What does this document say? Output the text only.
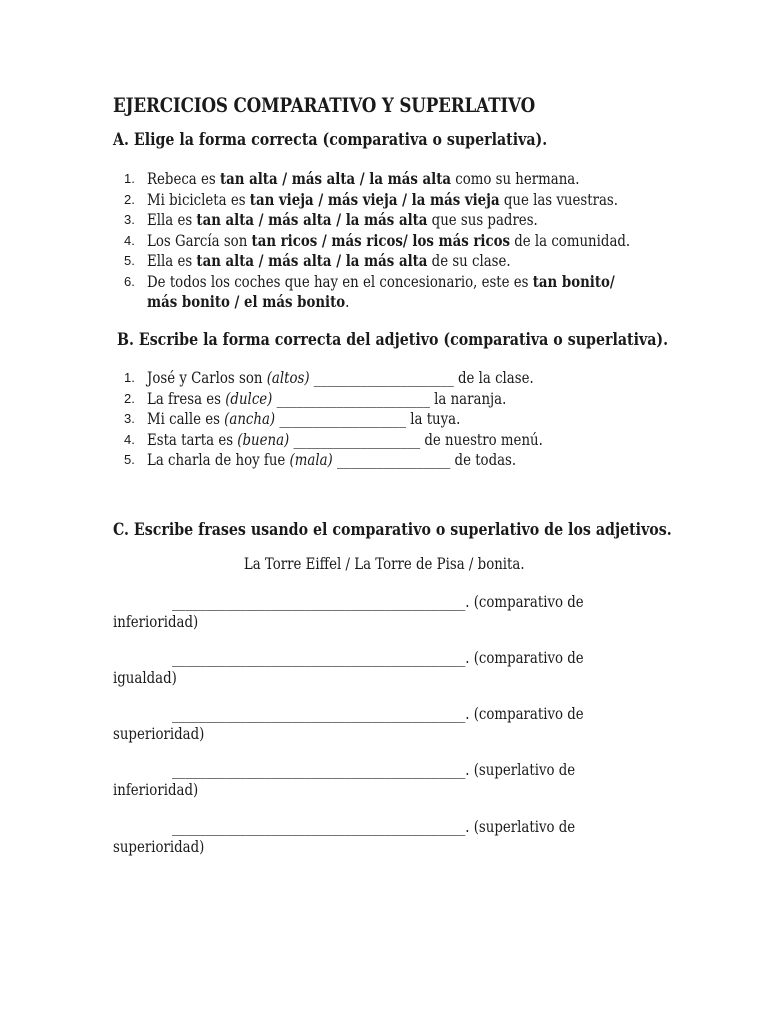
EJERCICIOS COMPARATIVO Y SUPERLATIVO
A. Elige la forma correcta (comparativa o superlativa).
1. Rebeca es tan alta / más alta / la más alta como su hermana.
2. Mi bicicleta es tan vieja / más vieja / la más vieja que las vuestras.
3. Ella es tan alta / más alta / la más alta que sus padres.
4. Los García son tan ricos / más ricos/ los más ricos de la comunidad.
5. Ella es tan alta / más alta / la más alta de su clase.
6. De todos los coches que hay en el concesionario, este es tan bonito/
más bonito / el más bonito.
B. Escribe la forma correcta del adjetivo (comparativa o superlativa).
1. José y Carlos son (altos) _____________________ de la clase.
2. La fresa es (dulce) _______________________ la naranja.
3. Mi calle es (ancha) ___________________ la tuya.
4. Esta tarta es (buena) ___________________ de nuestro menú.
5. La charla de hoy fue (mala) _________________ de todas.
C. Escribe frases usando el comparativo o superlativo de los adjetivos.
La Torre Eiffel / La Torre de Pisa / bonita.
____________________________________________. (comparativo de
inferioridad)
____________________________________________. (comparativo de
igualdad)
____________________________________________. (comparativo de
superioridad)
____________________________________________. (superlativo de
inferioridad)
____________________________________________. (superlativo de
superioridad)
